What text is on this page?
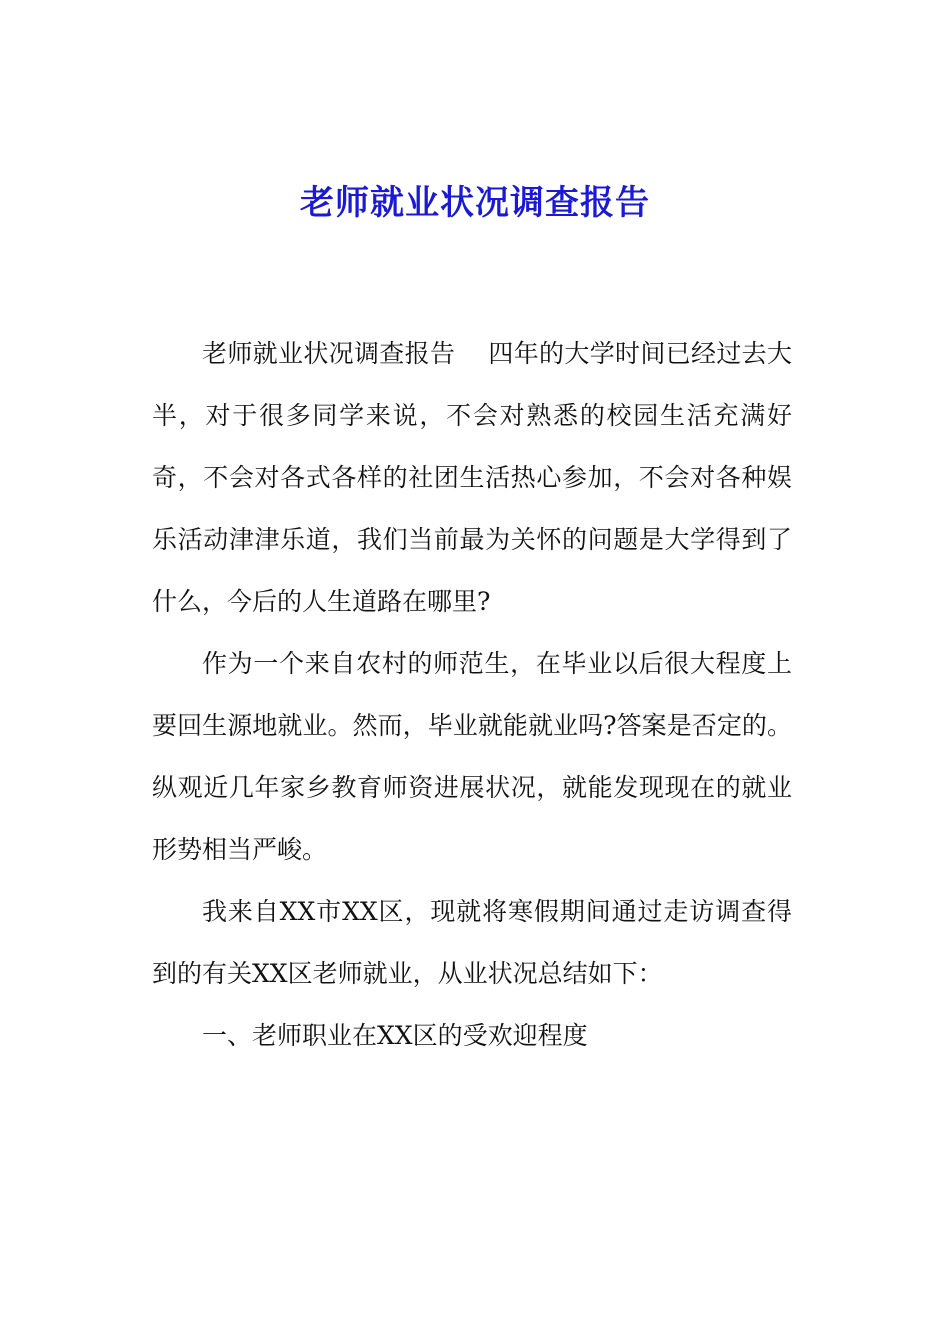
老师就业状况调查报告

老师就业状况调查报告    四年的大学时间已经过去大半，对于很多同学来说，不会对熟悉的校园生活充满好奇，不会对各式各样的社团生活热心参加，不会对各种娱乐活动津津乐道，我们当前最为关怀的问题是大学得到了什么，今后的人生道路在哪里?

作为一个来自农村的师范生，在毕业以后很大程度上要回生源地就业。然而，毕业就能就业吗?答案是否定的。纵观近几年家乡教育师资进展状况，就能发现现在的就业形势相当严峻。

我来自XX市XX区，现就将寒假期间通过走访调查得到的有关XX区老师就业，从业状况总结如下：

一、老师职业在XX区的受欢迎程度
